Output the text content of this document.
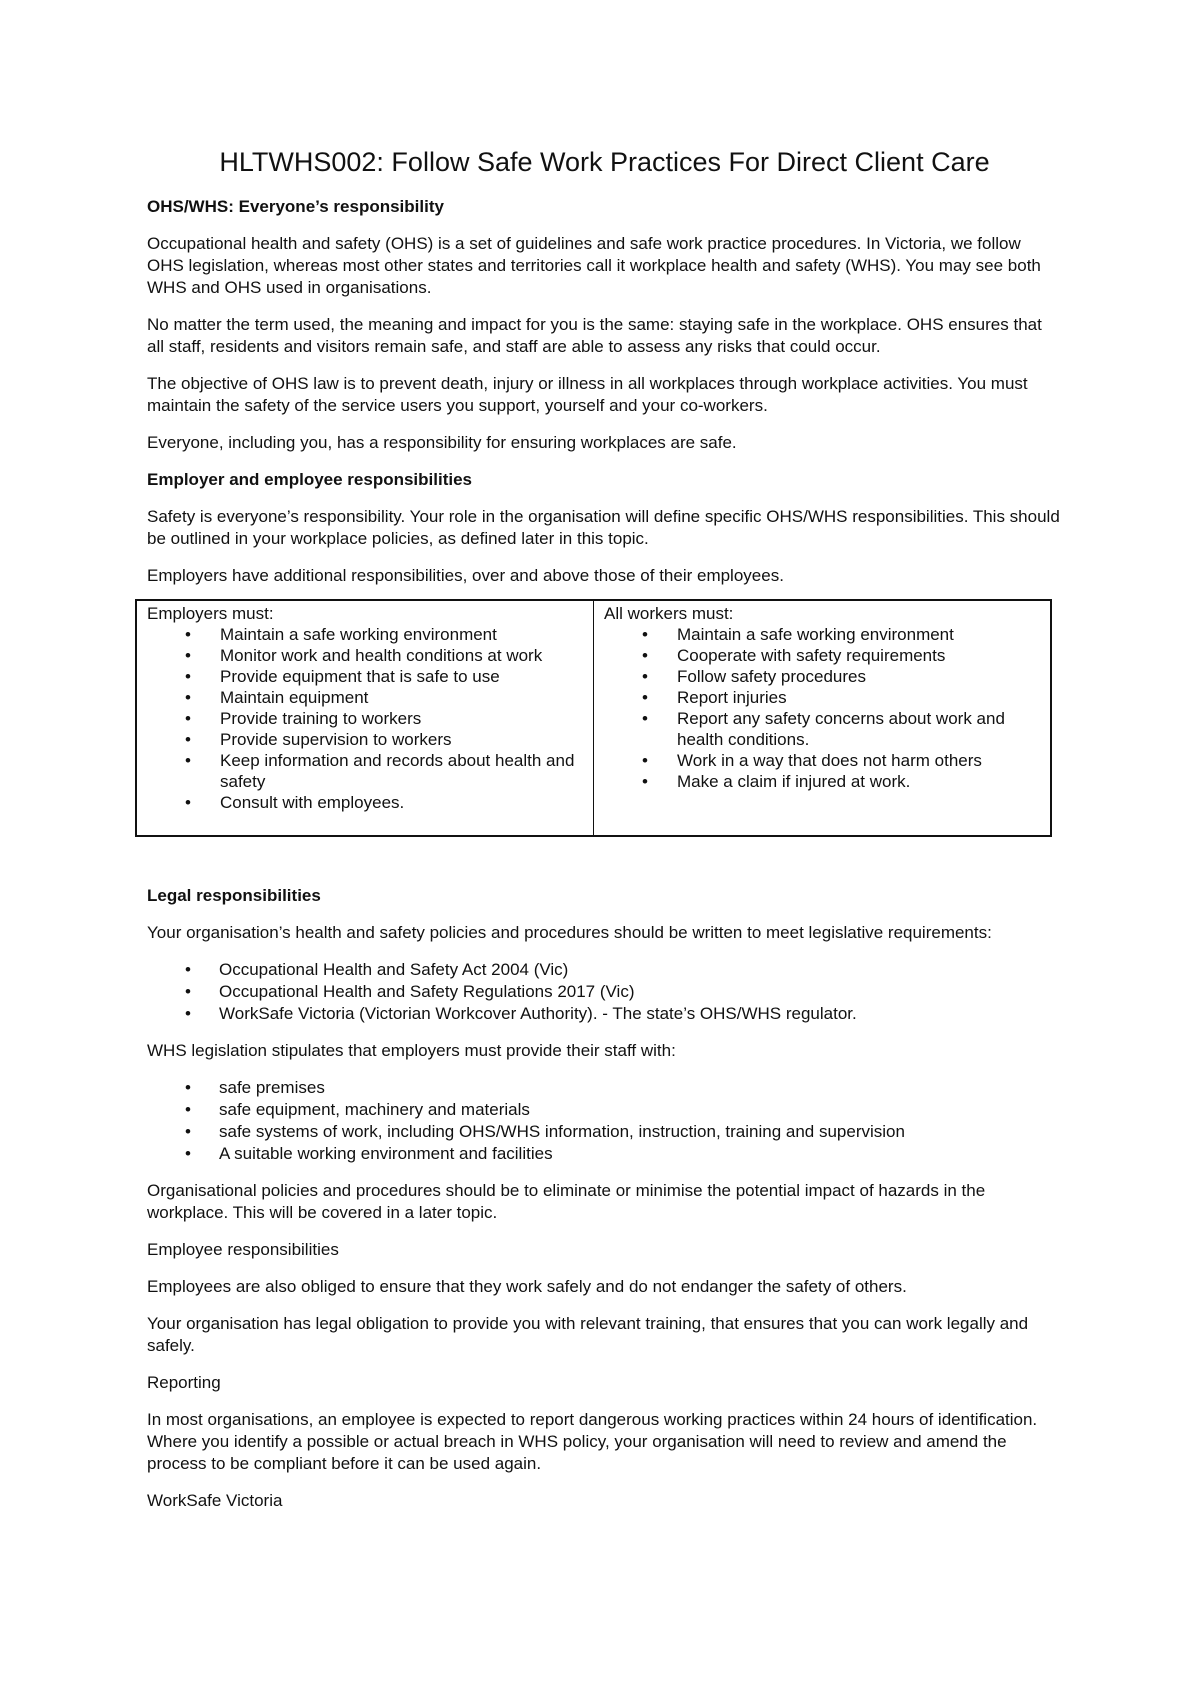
HLTWHS002: Follow Safe Work Practices For Direct Client Care
OHS/WHS: Everyone’s responsibility

Occupational health and safety (OHS) is a set of guidelines and safe work practice procedures. In Victoria, we follow OHS legislation, whereas most other states and territories call it workplace health and safety (WHS). You may see both WHS and OHS used in organisations.

No matter the term used, the meaning and impact for you is the same: staying safe in the workplace. OHS ensures that all staff, residents and visitors remain safe, and staff are able to assess any risks that could occur.

The objective of OHS law is to prevent death, injury or illness in all workplaces through workplace activities. You must maintain the safety of the service users you support, yourself and your co-workers.

Everyone, including you, has a responsibility for ensuring workplaces are safe.

Employer and employee responsibilities

Safety is everyone’s responsibility. Your role in the organisation will define specific OHS/WHS responsibilities. This should be outlined in your workplace policies, as defined later in this topic.

Employers have additional responsibilities, over and above those of their employees.

Employers must:
• Maintain a safe working environment
• Monitor work and health conditions at work
• Provide equipment that is safe to use
• Maintain equipment
• Provide training to workers
• Provide supervision to workers
• Keep information and records about health and safety
• Consult with employees.

All workers must:
• Maintain a safe working environment
• Cooperate with safety requirements
• Follow safety procedures
• Report injuries
• Report any safety concerns about work and health conditions.
• Work in a way that does not harm others
• Make a claim if injured at work.
Legal responsibilities

Your organisation’s health and safety policies and procedures should be written to meet legislative requirements:

• Occupational Health and Safety Act 2004 (Vic)
• Occupational Health and Safety Regulations 2017 (Vic)
• WorkSafe Victoria (Victorian Workcover Authority). - The state’s OHS/WHS regulator.

WHS legislation stipulates that employers must provide their staff with:

• safe premises
• safe equipment, machinery and materials
• safe systems of work, including OHS/WHS information, instruction, training and supervision
• A suitable working environment and facilities

Organisational policies and procedures should be to eliminate or minimise the potential impact of hazards in the workplace. This will be covered in a later topic.

Employee responsibilities

Employees are also obliged to ensure that they work safely and do not endanger the safety of others.

Your organisation has legal obligation to provide you with relevant training, that ensures that you can work legally and safely.

Reporting

In most organisations, an employee is expected to report dangerous working practices within 24 hours of identification. Where you identify a possible or actual breach in WHS policy, your organisation will need to review and amend the process to be compliant before it can be used again.

WorkSafe Victoria
